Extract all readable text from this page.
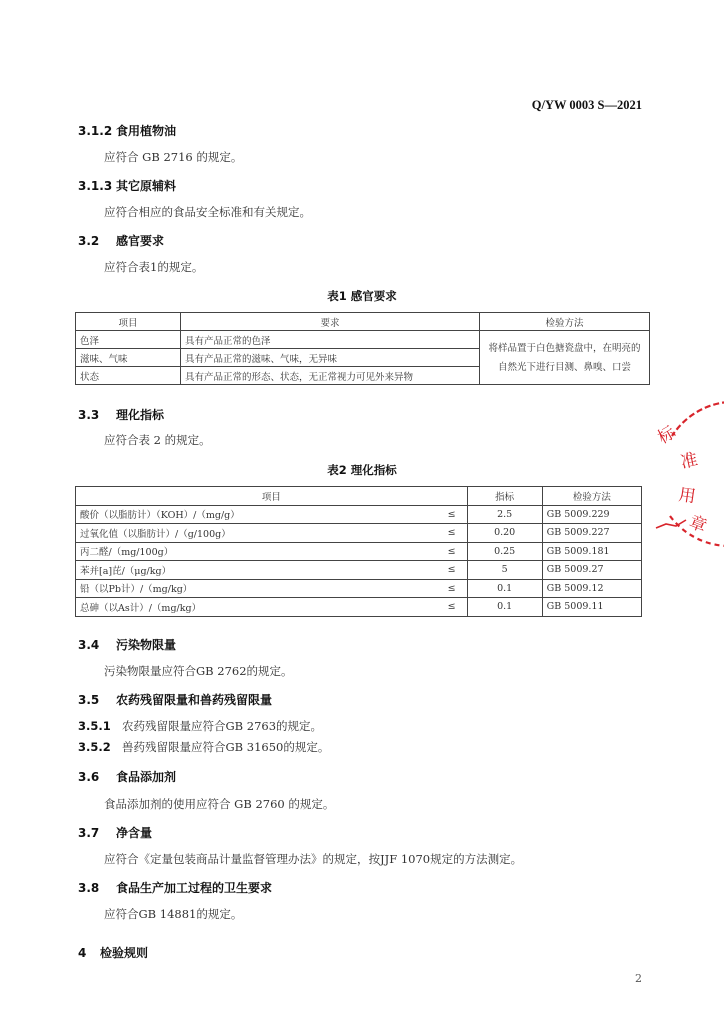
Q/YW 0003 S—2021
3.1.2 食用植物油
应符合 GB 2716 的规定。
3.1.3 其它原辅料
应符合相应的食品安全标准和有关规定。
3.2 感官要求
应符合表1的规定。
表1 感官要求
项目	要求	检验方法
色泽	具有产品正常的色泽	将样品置于白色搪瓷盘中，在明亮的自然光下进行目测、鼻嗅、口尝
滋味、气味	具有产品正常的滋味、气味，无异味	
状态	具有产品正常的形态、状态，无正常视力可见外来异物	
3.3 理化指标
应符合表 2 的规定。
表2 理化指标
项目		指标	检验方法
酸价（以脂肪计）（KOH）/（mg/g）	≤	2.5	GB 5009.229
过氧化值（以脂肪计）/（g/100g）	≤	0.20	GB 5009.227
丙二醛/（mg/100g）	≤	0.25	GB 5009.181
苯并[a]芘/（μg/kg）	≤	5	GB 5009.27
铅（以Pb计）/（mg/kg）	≤	0.1	GB 5009.12
总砷（以As计）/（mg/kg）	≤	0.1	GB 5009.11
3.4 污染物限量
污染物限量应符合GB 2762的规定。
3.5 农药残留限量和兽药残留限量
3.5.1 农药残留限量应符合GB 2763的规定。
3.5.2 兽药残留限量应符合GB 31650的规定。
3.6 食品添加剂
食品添加剂的使用应符合 GB 2760 的规定。
3.7 净含量
应符合《定量包装商品计量监督管理办法》的规定，按JJF 1070规定的方法测定。
3.8 食品生产加工过程的卫生要求
应符合GB 14881的规定。
4 检验规则
2
标
准
用
章
